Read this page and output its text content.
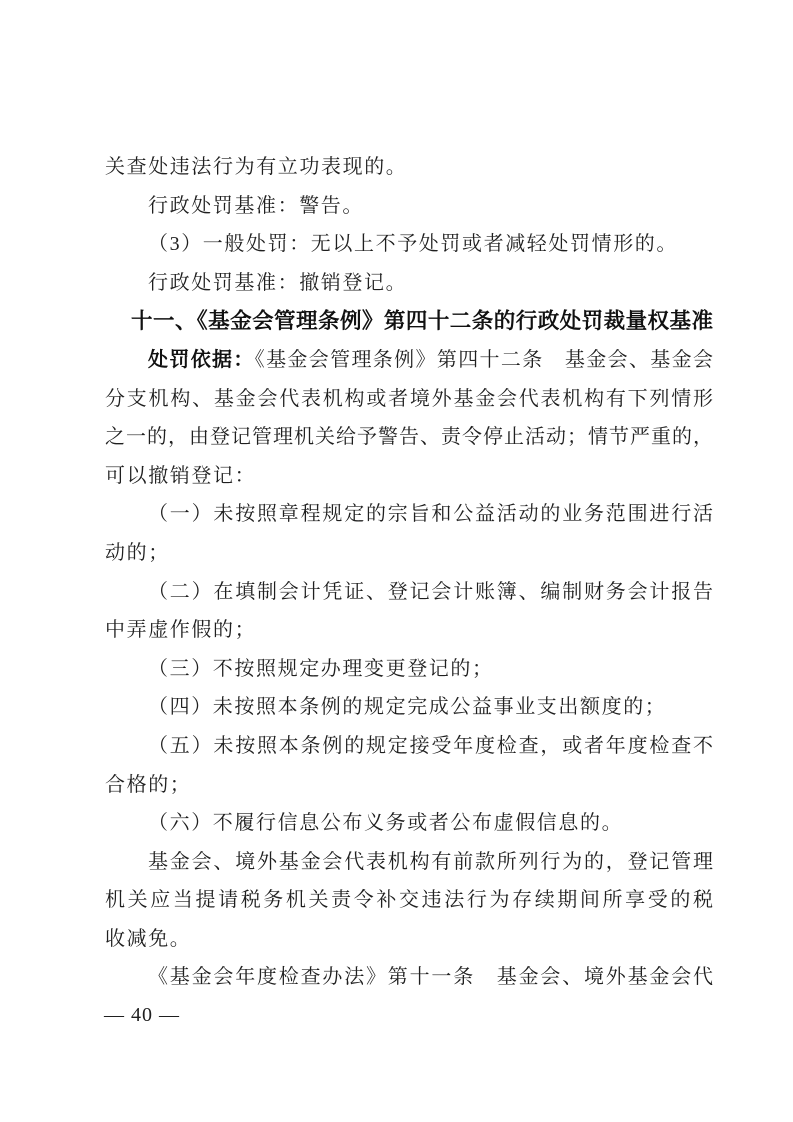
关查处违法行为有立功表现的。
行政处罚基准：警告。
（3）一般处罚：无以上不予处罚或者减轻处罚情形的。
行政处罚基准：撤销登记。
十一、《基金会管理条例》第四十二条的行政处罚裁量权基准
处罚依据：《基金会管理条例》第四十二条　基金会、基金会
分支机构、基金会代表机构或者境外基金会代表机构有下列情形
之一的，由登记管理机关给予警告、责令停止活动；情节严重的，
可以撤销登记：
（一）未按照章程规定的宗旨和公益活动的业务范围进行活
动的；
（二）在填制会计凭证、登记会计账簿、编制财务会计报告
中弄虚作假的；
（三）不按照规定办理变更登记的；
（四）未按照本条例的规定完成公益事业支出额度的；
（五）未按照本条例的规定接受年度检查，或者年度检查不
合格的；
（六）不履行信息公布义务或者公布虚假信息的。
基金会、境外基金会代表机构有前款所列行为的，登记管理
机关应当提请税务机关责令补交违法行为存续期间所享受的税
收减免。
《基金会年度检查办法》第十一条　基金会、境外基金会代
— 40 —
